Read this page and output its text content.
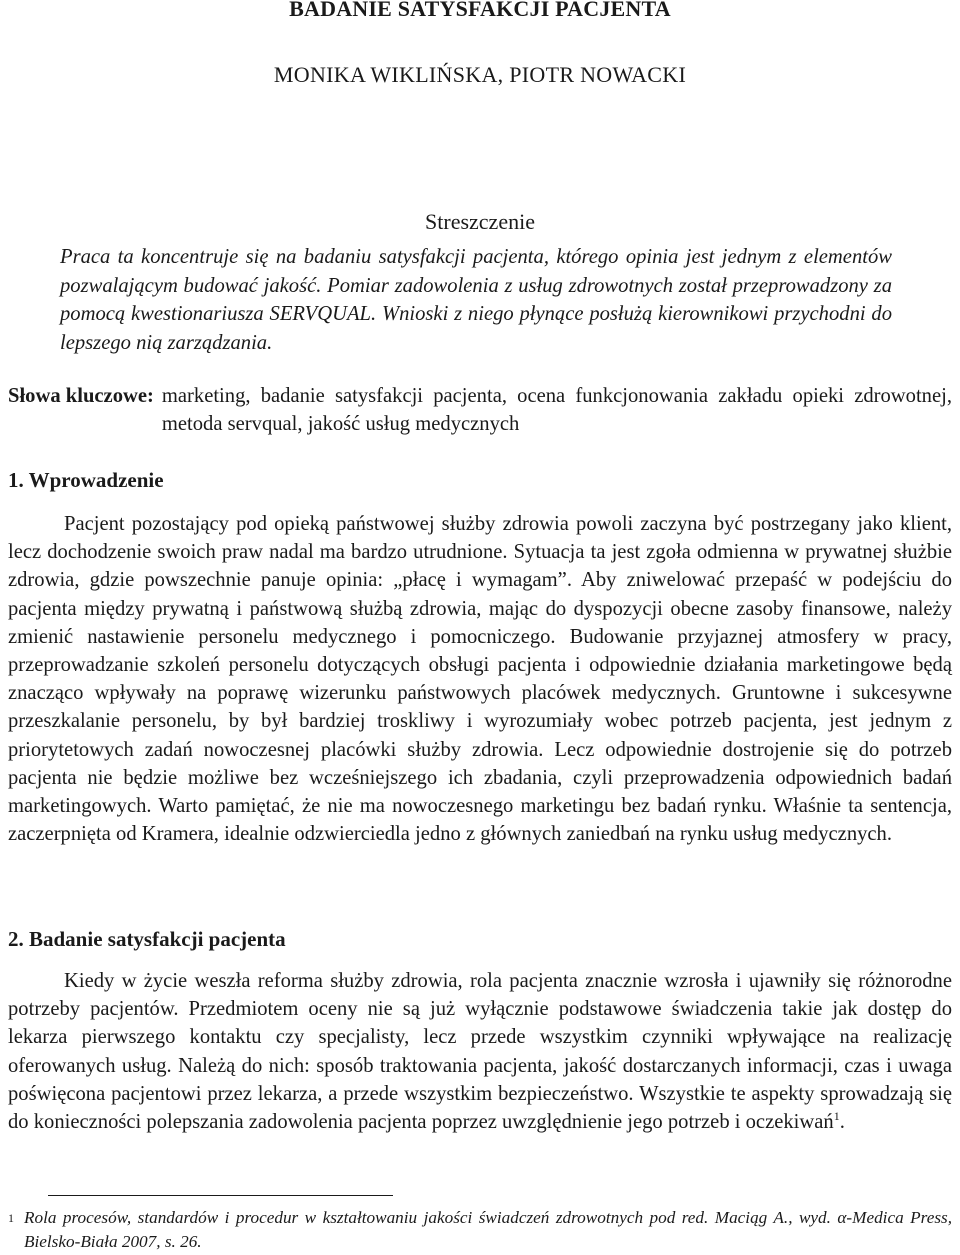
BADANIE SATYSFAKCJI PACJENTA
MONIKA WIKLIŃSKA, PIOTR NOWACKI
Streszczenie
Praca ta koncentruje się na badaniu satysfakcji pacjenta, którego opinia jest jednym z elementów pozwalającym budować jakość. Pomiar zadowolenia z usług zdrowotnych został przeprowadzony za pomocą kwestionariusza SERVQUAL. Wnioski z niego płynące posłużą kierownikowi przychodni do lepszego nią zarządzania.
Słowa kluczowe: marketing, badanie satysfakcji pacjenta, ocena funkcjonowania zakładu opieki zdrowotnej, metoda servqual, jakość usług medycznych
1. Wprowadzenie

Pacjent pozostający pod opieką państwowej służby zdrowia powoli zaczyna być postrzegany jako klient, lecz dochodzenie swoich praw nadal ma bardzo utrudnione. Sytuacja ta jest zgoła odmienna w prywatnej służbie zdrowia, gdzie powszechnie panuje opinia: „płacę i wymagam”. Aby zniwelować przepaść w podejściu do pacjenta między prywatną i państwową służbą zdrowia, mając do dyspozycji obecne zasoby finansowe, należy zmienić nastawienie personelu medycznego i pomocniczego. Budowanie przyjaznej atmosfery w pracy, przeprowadzanie szkoleń personelu dotyczących obsługi pacjenta i odpowiednie działania marketingowe będą znacząco wpływały na poprawę wizerunku państwowych placówek medycznych. Gruntowne i sukcesywne przeszkalanie personelu, by był bardziej troskliwy i wyrozumiały wobec potrzeb pacjenta, jest jednym z priorytetowych zadań nowoczesnej placówki służby zdrowia. Lecz odpowiednie dostrojenie się do potrzeb pacjenta nie będzie możliwe bez wcześniejszego ich zbadania, czyli przeprowadzenia odpowiednich badań marketingowych. Warto pamiętać, że nie ma nowoczesnego marketingu bez badań rynku. Właśnie ta sentencja, zaczerpnięta od Kramera, idealnie odzwierciedla jedno z głównych zaniedbań na rynku usług medycznych.

2. Badanie satysfakcji pacjenta

Kiedy w życie weszła reforma służby zdrowia, rola pacjenta znacznie wzrosła i ujawniły się różnorodne potrzeby pacjentów. Przedmiotem oceny nie są już wyłącznie podstawowe świadczenia takie jak dostęp do lekarza pierwszego kontaktu czy specjalisty, lecz przede wszystkim czynniki wpływające na realizację oferowanych usług. Należą do nich: sposób traktowania pacjenta, jakość dostarczanych informacji, czas i uwaga poświęcona pacjentowi przez lekarza, a przede wszystkim bezpieczeństwo. Wszystkie te aspekty sprowadzają się do konieczności polepszania zadowolenia pacjenta poprzez uwzględnienie jego potrzeb i oczekiwań$^1$.

1 Rola procesów, standardów i procedur w kształtowaniu jakości świadczeń zdrowotnych pod red. Maciąg A., wyd. α-Medica Press, Bielsko-Biała 2007, s. 26.
